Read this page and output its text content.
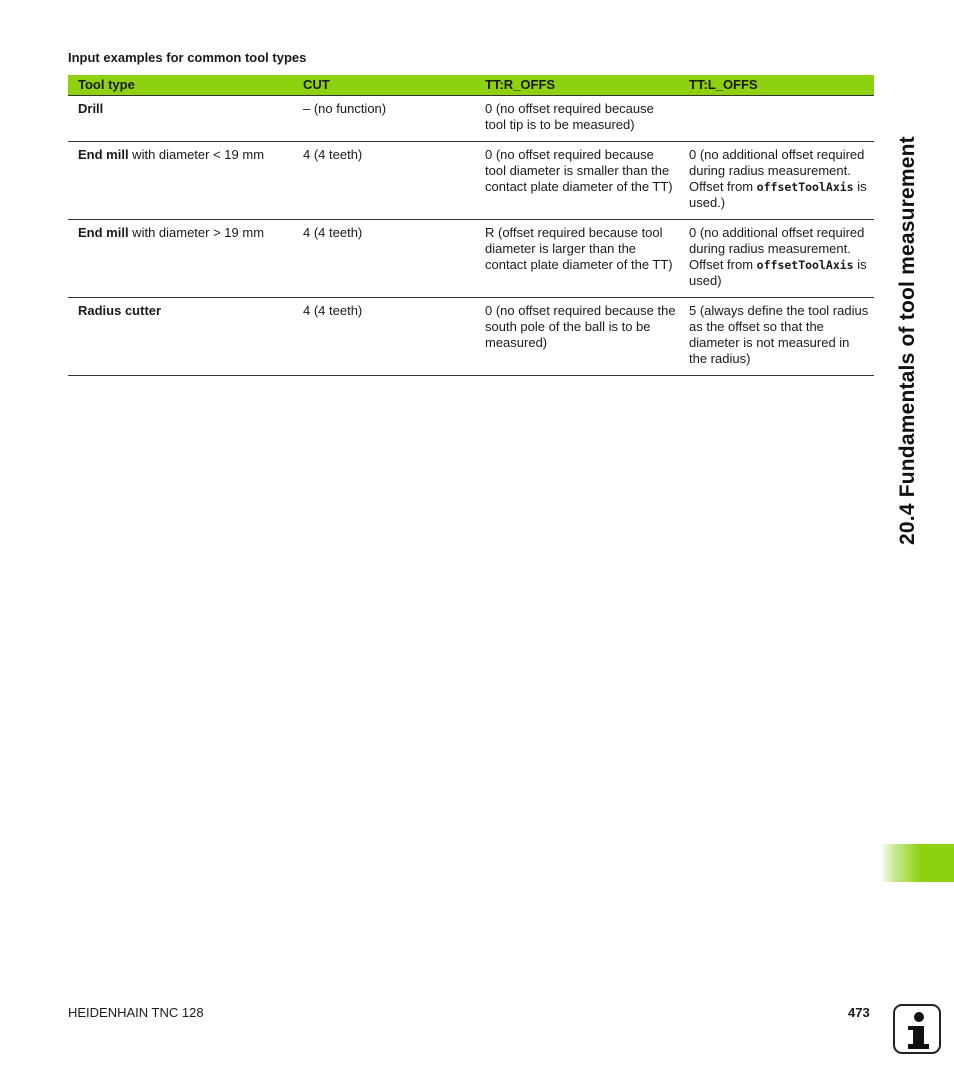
Input examples for common tool types
Tool type	CUT	TT:R_OFFS	TT:L_OFFS
Drill	– (no function)	0 (no offset required because tool tip is to be measured)	
End mill with diameter < 19 mm	4 (4 teeth)	0 (no offset required because tool diameter is smaller than the contact plate diameter of the TT)	0 (no additional offset required during radius measurement. Offset from offsetToolAxis is used.)
End mill with diameter > 19 mm	4 (4 teeth)	R (offset required because tool diameter is larger than the contact plate diameter of the TT)	0 (no additional offset required during radius measurement. Offset from offsetToolAxis is used)
Radius cutter	4 (4 teeth)	0 (no offset required because the south pole of the ball is to be measured)	5 (always define the tool radius as the offset so that the diameter is not measured in the radius)	20.4 Fundamentals of tool measurement
HEIDENHAIN TNC 128	473
